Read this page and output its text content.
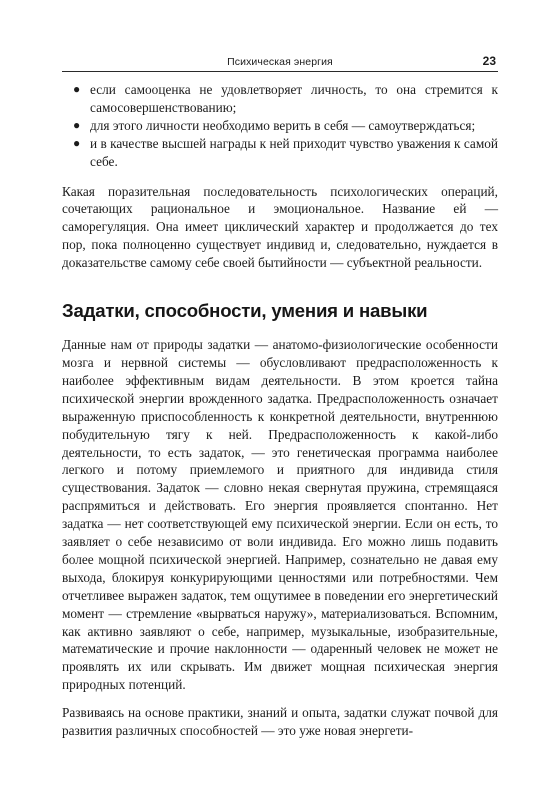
Психическая энергия	23
● если самооценка не удовлетворяет личность, то она стремится к самосовершенствованию;
● для этого личности необходимо верить в себя — самоутверждаться;
● и в качестве высшей награды к ней приходит чувство уважения к самой себе.

Какая поразительная последовательность психологических операций, сочетающих рациональное и эмоциональное. Название ей — саморегуляция. Она имеет циклический характер и продолжается до тех пор, пока полноценно существует индивид и, следовательно, нуждается в доказательстве самому себе своей бытийности — субъектной реальности.

Задатки, способности, умения и навыки

Данные нам от природы задатки — анатомо-физиологические особенности мозга и нервной системы — обусловливают предрасположенность к наиболее эффективным видам деятельности. В этом кроется тайна психической энергии врожденного задатка. Предрасположенность означает выраженную приспособленность к конкретной деятельности, внутреннюю побудительную тягу к ней. Предрасположенность к какой-либо деятельности, то есть задаток, — это генетическая программа наиболее легкого и потому приемлемого и приятного для индивида стиля существования. Задаток — словно некая свернутая пружина, стремящаяся распрямиться и действовать. Его энергия проявляется спонтанно. Нет задатка — нет соответствующей ему психической энергии. Если он есть, то заявляет о себе независимо от воли индивида. Его можно лишь подавить более мощной психической энергией. Например, сознательно не давая ему выхода, блокируя конкурирующими ценностями или потребностями. Чем отчетливее выражен задаток, тем ощутимее в поведении его энергетический момент — стремление «вырваться наружу», материализоваться. Вспомним, как активно заявляют о себе, например, музыкальные, изобразительные, математические и прочие наклонности — одаренный человек не может не проявлять их или скрывать. Им движет мощная психическая энергия природных потенций.

Развиваясь на основе практики, знаний и опыта, задатки служат почвой для развития различных способностей — это уже новая энергети-
